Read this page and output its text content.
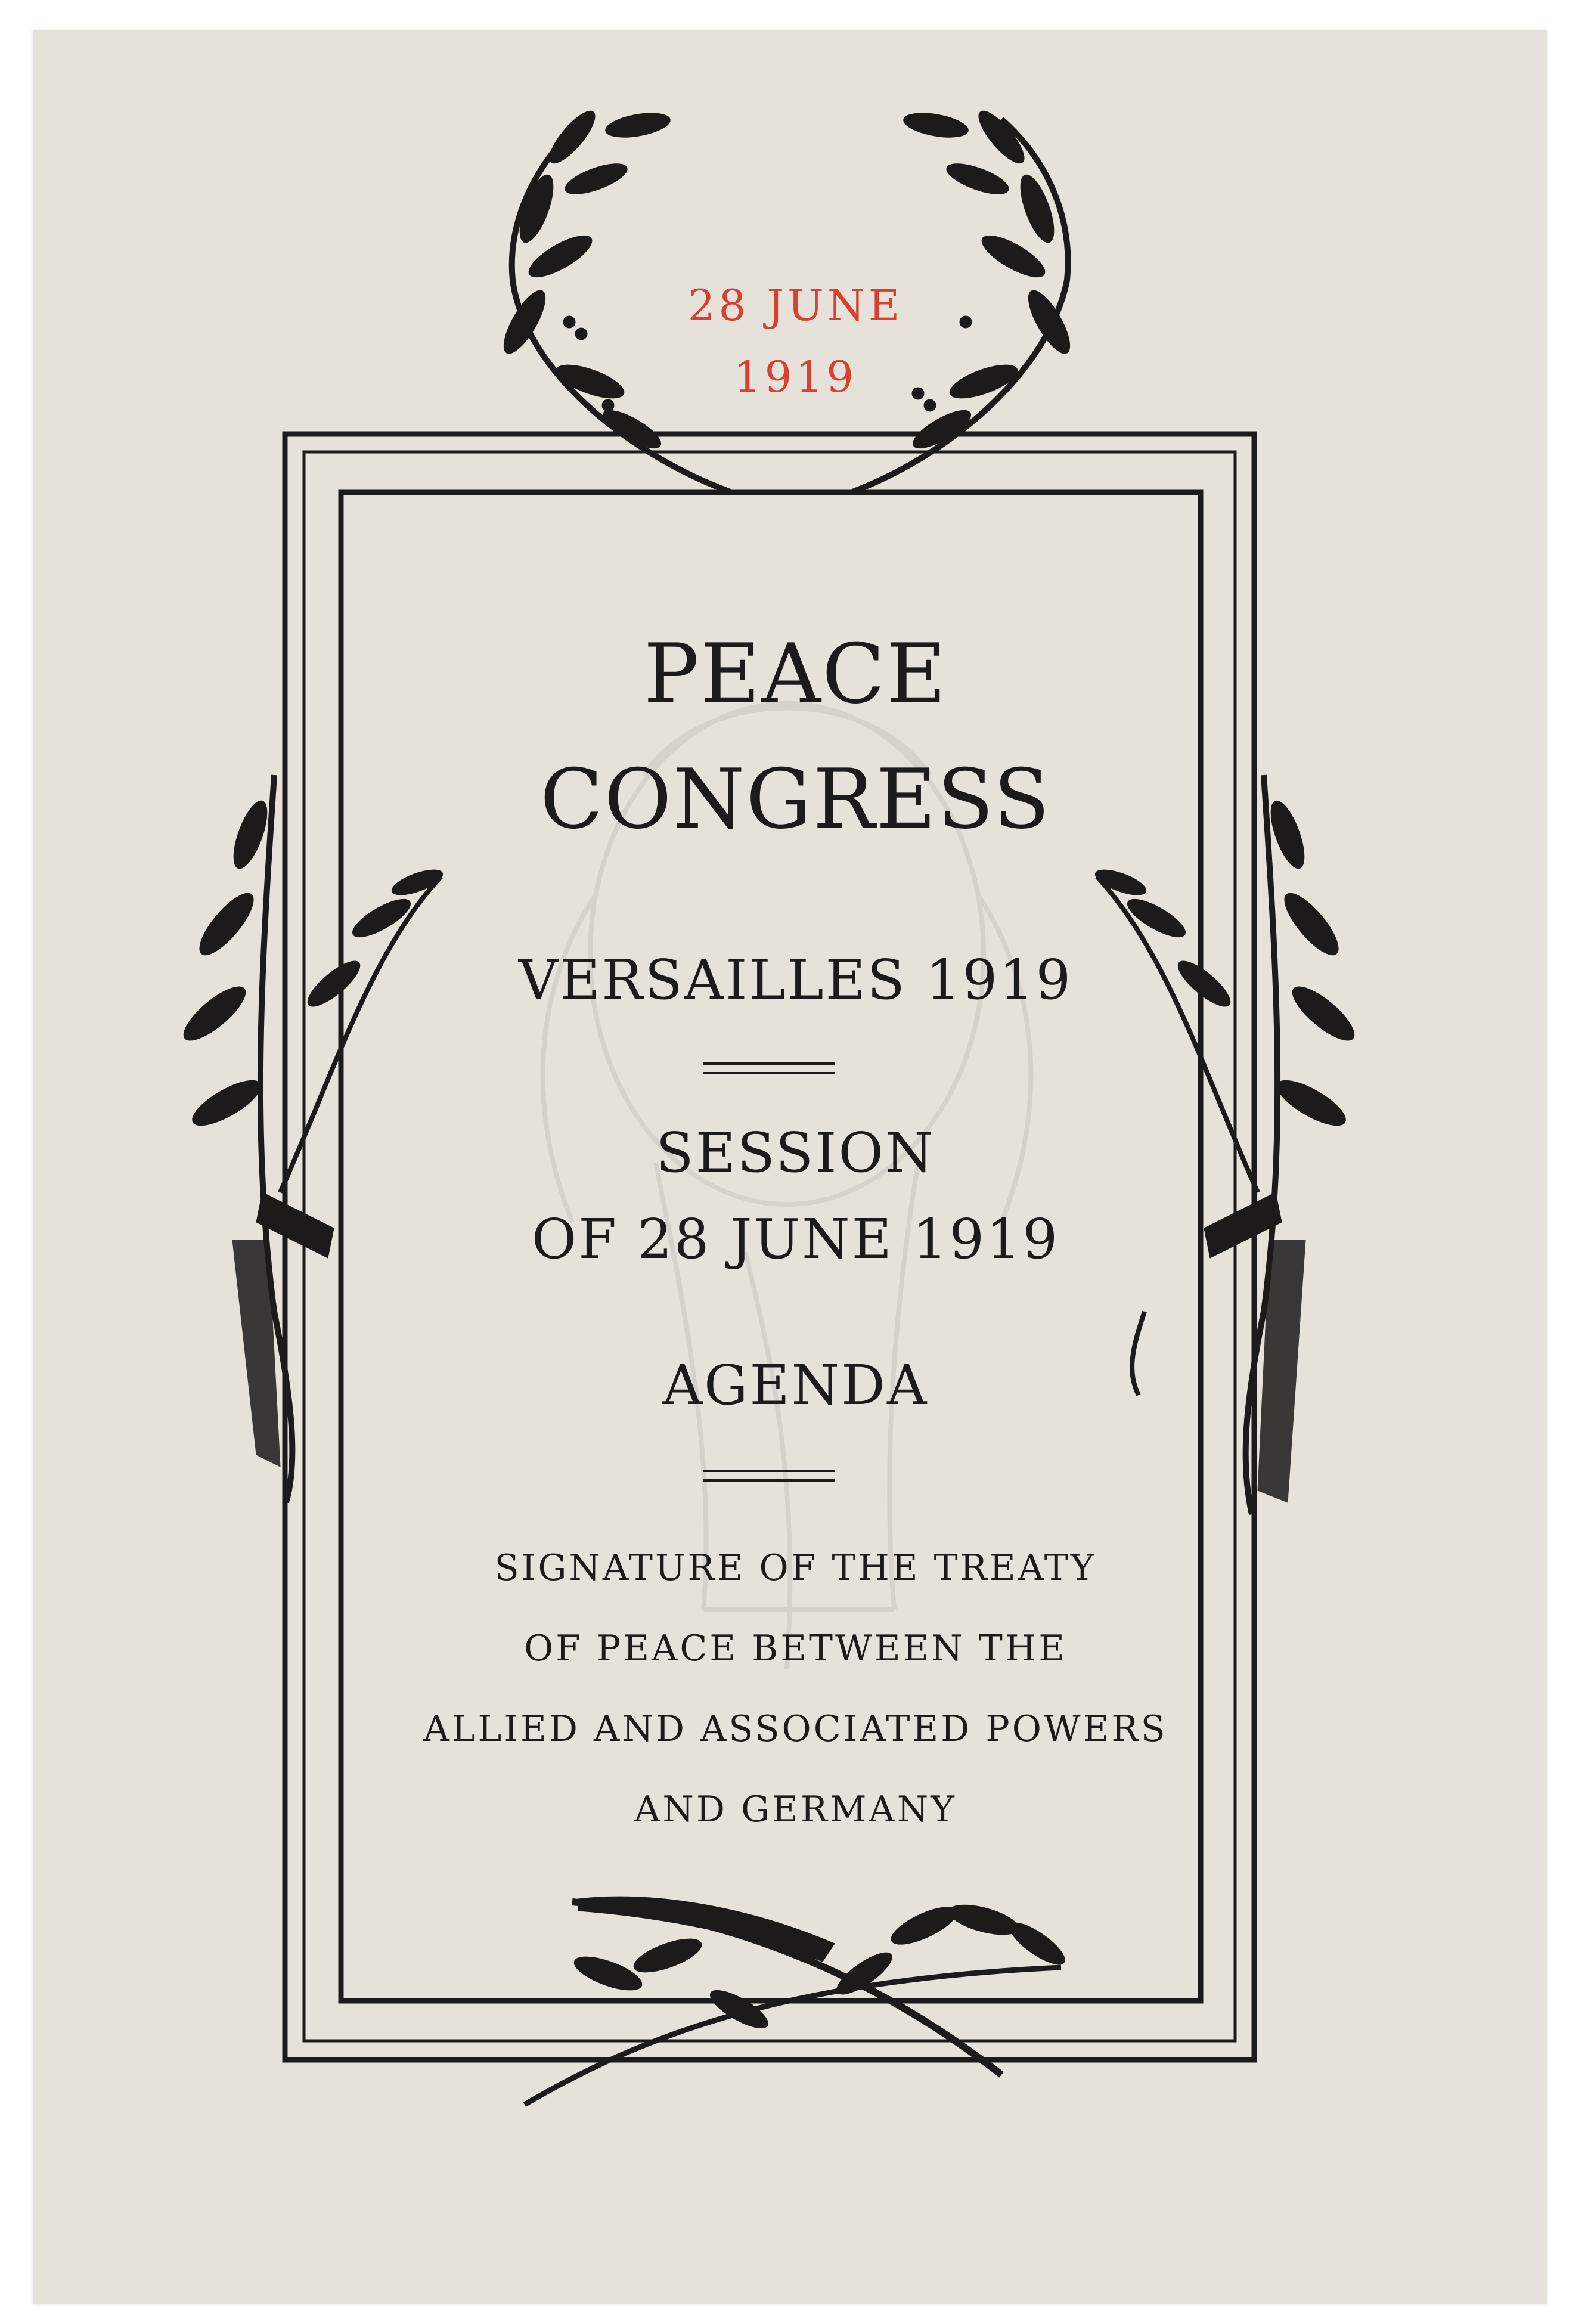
28 JUNE
1919
PEACE
CONGRESS
VERSAILLES 1919
SESSION
OF 28 JUNE 1919
AGENDA
SIGNATURE OF THE TREATY
OF PEACE BETWEEN THE
ALLIED AND ASSOCIATED POWERS
AND GERMANY
